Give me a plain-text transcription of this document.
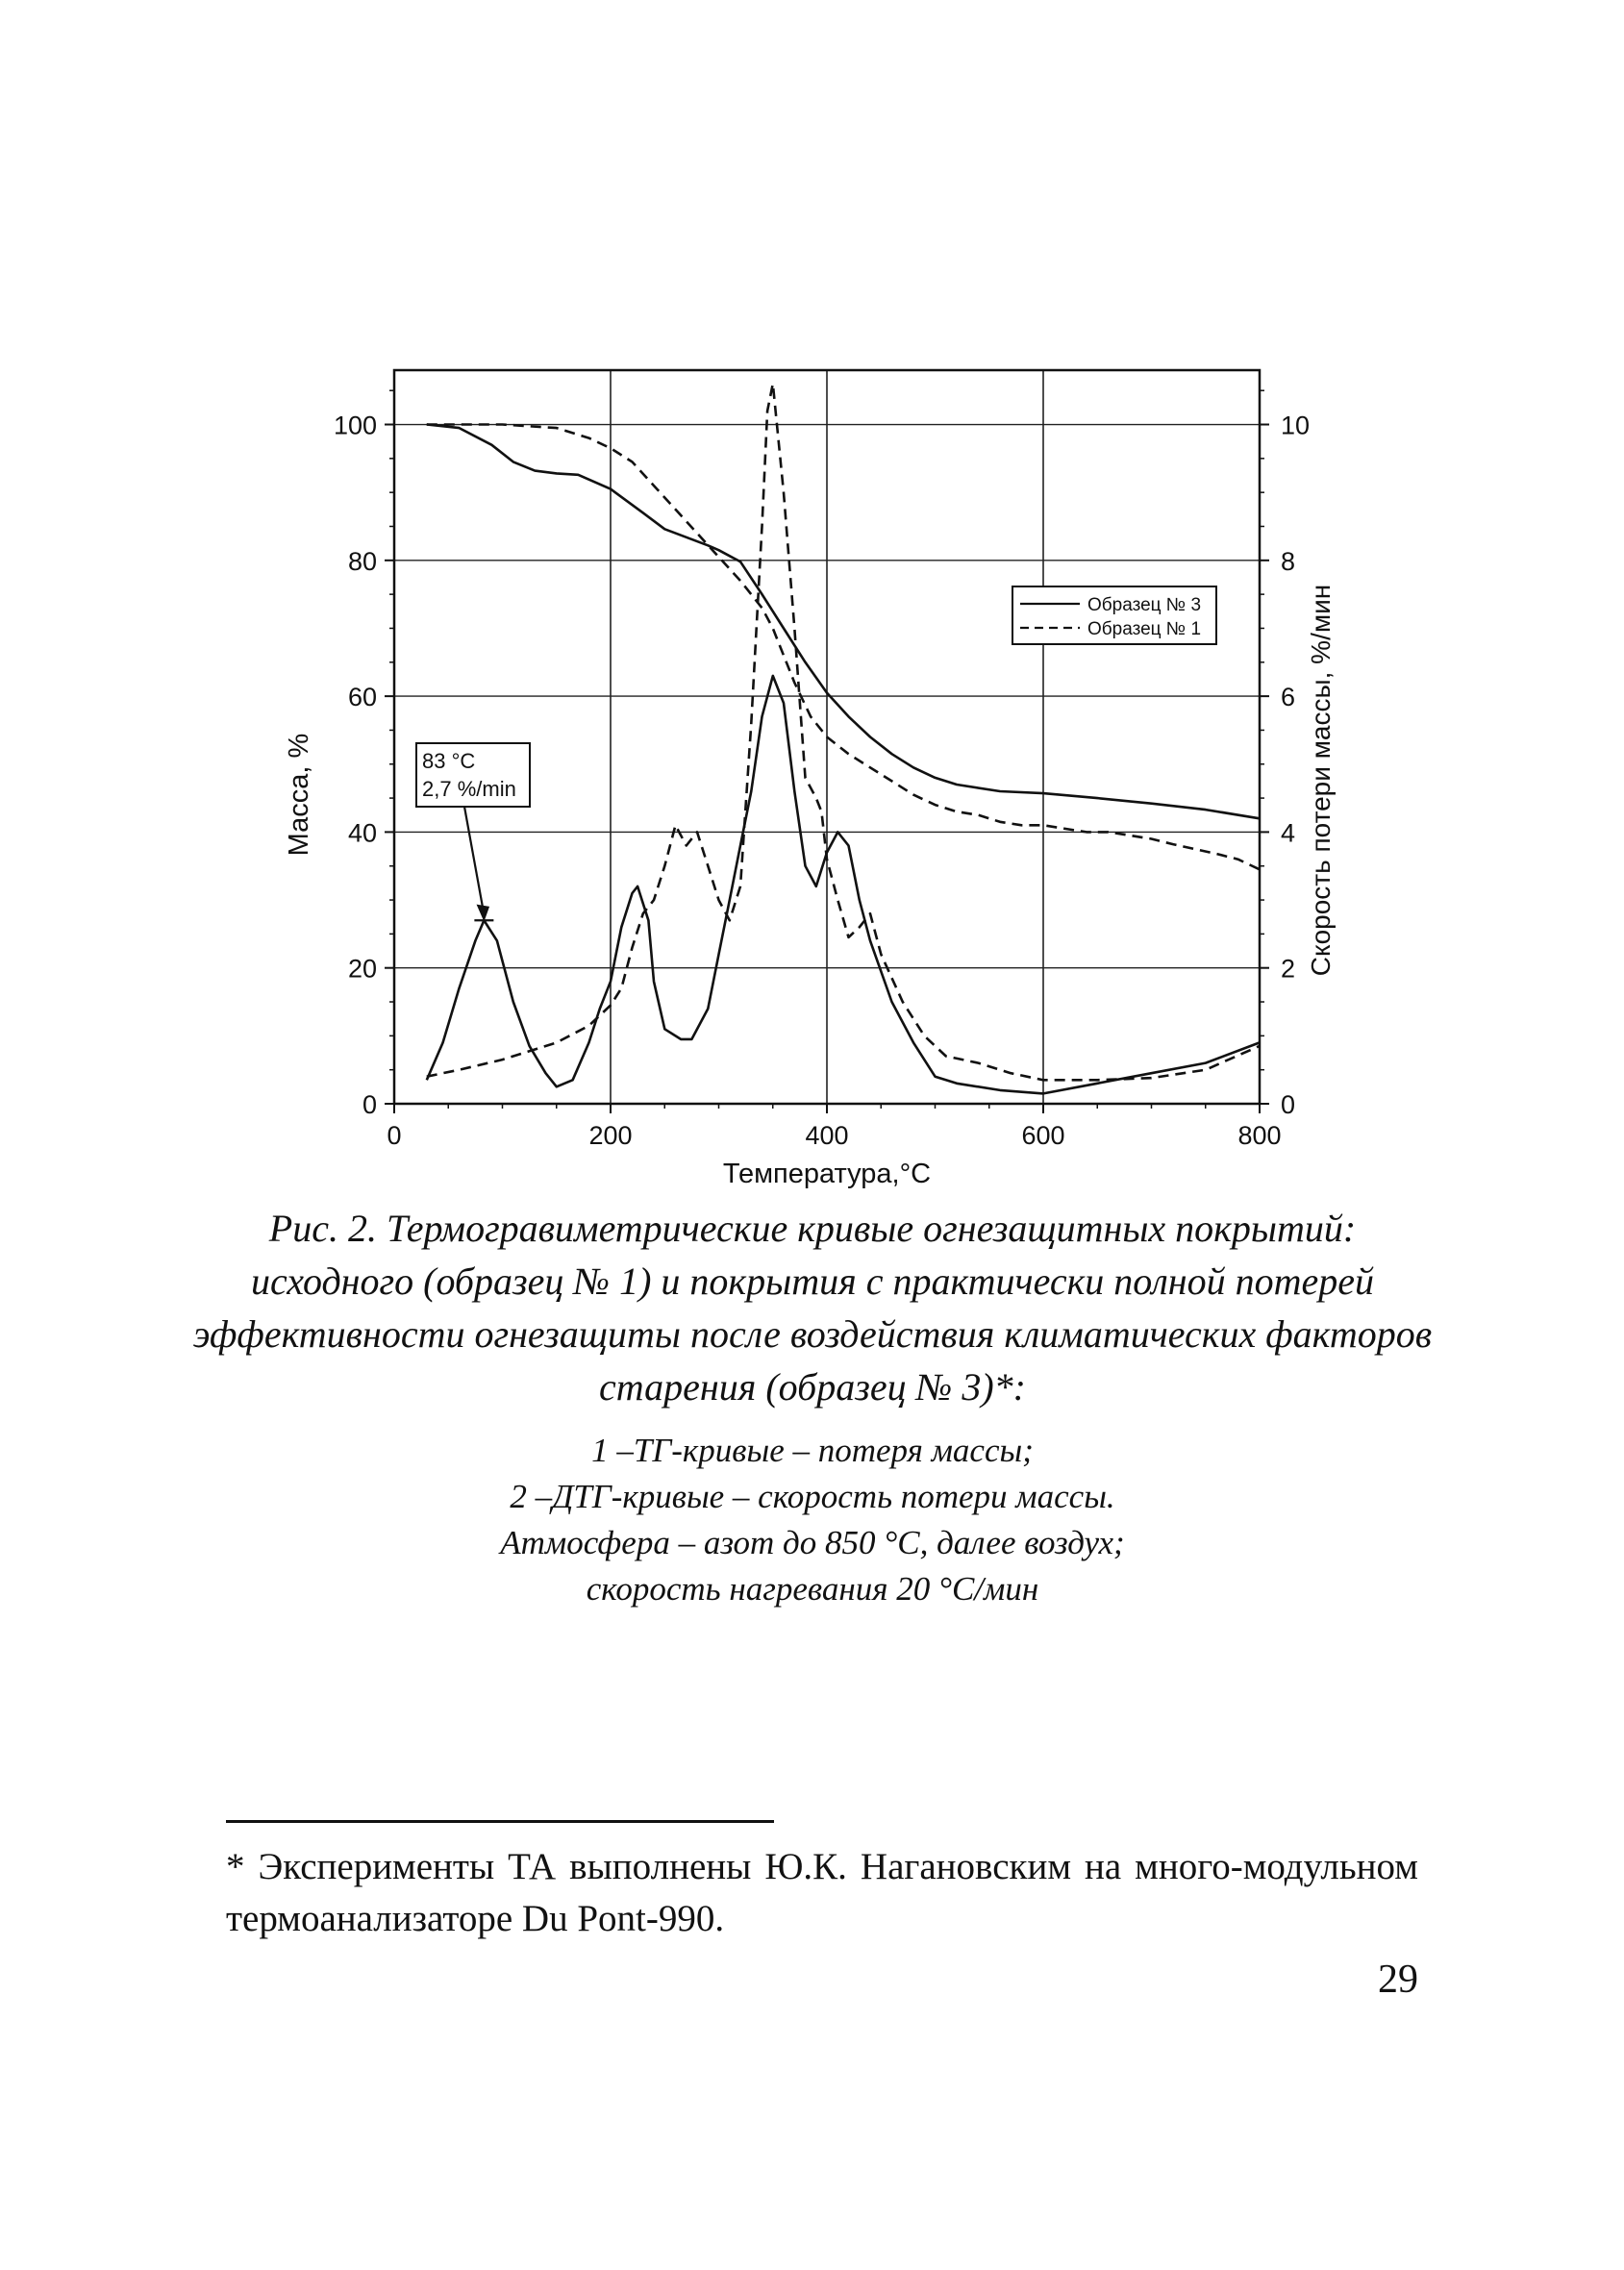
0	200	400	600	800
0
20
40
60
80
100
0
2
4
6
8
10
Температура,°С
Масса, %	Скорость потери массы, %/мин
Образец № 3
Образец № 1
83 °С
2,7 %/min
Рис. 2. Термогравиметрические кривые огнезащитных покрытий: исходного (образец № 1) и покрытия с практически полной потерей эффективности огнезащиты после воздействия климатических факторов старения (образец № 3)*:
1 –ТГ-кривые – потеря массы;
2 –ДТГ-кривые – скорость потери массы.
Атмосфера – азот до 850 °С, далее воздух;
скорость нагревания 20 °С/мин
* Эксперименты ТА выполнены Ю.К. Нагановским на много-модульном термоанализаторе Du Pont-990.
29
